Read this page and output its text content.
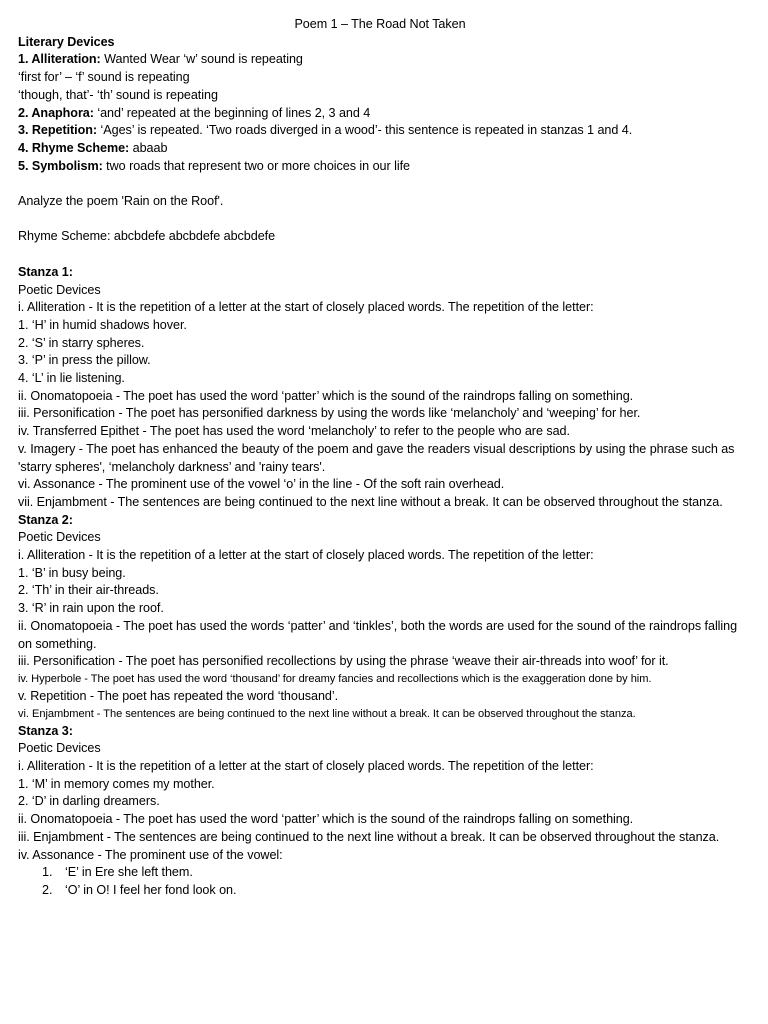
Poem 1 – The Road Not Taken

Literary Devices

1. Alliteration: Wanted Wear ‘w’ sound is repeating

‘first for’ – ‘f’ sound is repeating

‘though, that’- ‘th’ sound is repeating

2. Anaphora: ‘and’ repeated at the beginning of lines 2, 3 and 4

3. Repetition: ‘Ages’ is repeated. ‘Two roads diverged in a wood’- this sentence is repeated in stanzas 1 and 4.

4. Rhyme Scheme: abaab

5. Symbolism: two roads that represent two or more choices in our life

Analyze the poem 'Rain on the Roof'.

Rhyme Scheme: abcbdefe abcbdefe abcbdefe

Stanza 1:

Poetic Devices

i. Alliteration - It is the repetition of a letter at the start of closely placed words. The repetition of the letter:

1. ‘H’ in humid shadows hover.

2. ‘S’ in starry spheres.

3. ‘P’ in press the pillow.

4. ‘L’ in lie listening.

ii. Onomatopoeia - The poet has used the word ‘patter’ which is the sound of the raindrops falling on something.

iii. Personification - The poet has personified darkness by using the words like ‘melancholy’ and ‘weeping’ for her.

iv. Transferred Epithet - The poet has used the word ‘melancholy’ to refer to the people who are sad.

v. Imagery - The poet has enhanced the beauty of the poem and gave the readers visual descriptions by using the phrase such as 'starry spheres', ‘melancholy darkness’ and 'rainy tears'.

vi. Assonance - The prominent use of the vowel ‘o’ in the line - Of the soft rain overhead.

vii. Enjambment - The sentences are being continued to the next line without a break. It can be observed throughout the stanza.

Stanza 2:

Poetic Devices

i. Alliteration - It is the repetition of a letter at the start of closely placed words. The repetition of the letter:

1. ‘B’ in busy being.

2. ‘Th’ in their air-threads.

3. ‘R’ in rain upon the roof.

ii. Onomatopoeia - The poet has used the words ‘patter’ and ‘tinkles’, both the words are used for the sound of the raindrops falling on something.

iii. Personification - The poet has personified recollections by using the phrase ‘weave their air-threads into woof’ for it.

iv. Hyperbole - The poet has used the word ‘thousand’ for dreamy fancies and recollections which is the exaggeration done by him.

v. Repetition - The poet has repeated the word ‘thousand’.

vi. Enjambment - The sentences are being continued to the next line without a break. It can be observed throughout the stanza.

Stanza 3:

Poetic Devices

i. Alliteration - It is the repetition of a letter at the start of closely placed words. The repetition of the letter:

1. ‘M’ in memory comes my mother.

2. ‘D’ in darling dreamers.

ii. Onomatopoeia - The poet has used the word ‘patter’ which is the sound of the raindrops falling on something.

iii. Enjambment - The sentences are being continued to the next line without a break. It can be observed throughout the stanza.

iv. Assonance - The prominent use of the vowel:

1. ‘E’ in Ere she left them.

2. ‘O’ in O! I feel her fond look on.
